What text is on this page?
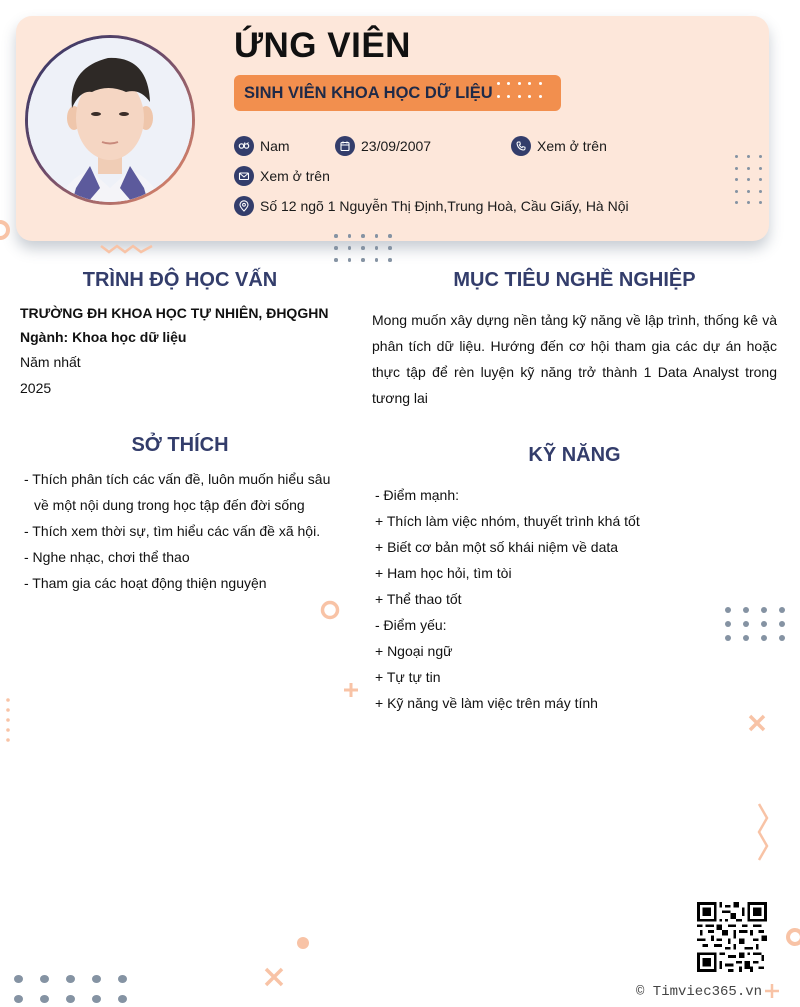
ỨNG VIÊN
SINH VIÊN KHOA HỌC DỮ LIỆU
Nam	23/09/2007	Xem ở trên
Xem ở trên
Số 12 ngõ 1 Nguyễn Thị Định,Trung Hoà, Cầu Giấy, Hà Nội
TRÌNH ĐỘ HỌC VẤN
TRƯỜNG ĐH KHOA HỌC TỰ NHIÊN, ĐHQGHN
Ngành: Khoa học dữ liệu
Năm nhất
2025
MỤC TIÊU NGHỀ NGHIỆP
Mong muốn xây dựng nền tảng kỹ năng về lập trình, thống kê và phân tích dữ liệu. Hướng đến cơ hội tham gia các dự án hoặc thực tập để rèn luyện kỹ năng trở thành 1 Data Analyst trong tương lai
SỞ THÍCH
- Thích phân tích các vấn đề, luôn muốn hiểu sâu
về một nội dung trong học tập đến đời sống
- Thích xem thời sự, tìm hiểu các vấn đề xã hội.
- Nghe nhạc, chơi thể thao
- Tham gia các hoạt động thiện nguyện
KỸ NĂNG
- Điểm mạnh:
+ Thích làm việc nhóm, thuyết trình khá tốt
+ Biết cơ bản một số khái niệm về data
+ Ham học hỏi, tìm tòi
+ Thể thao tốt
- Điểm yếu:
+ Ngoại ngữ
+ Tự tự tin
+ Kỹ năng về làm việc trên máy tính
© Timviec365.vn
